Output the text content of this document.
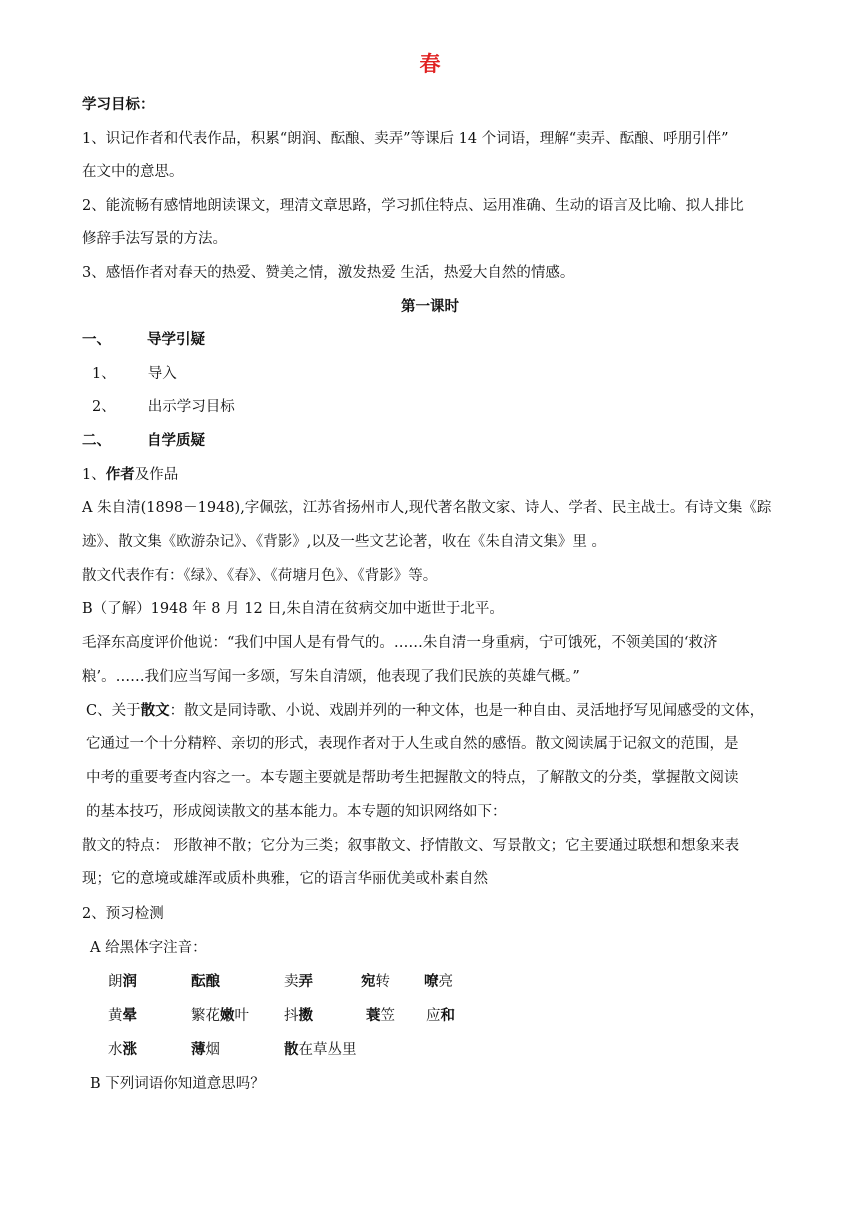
春
学习目标：
1、识记作者和代表作品，积累“朗润、酝酿、卖弄”等课后 14 个词语，理解“卖弄、酝酿、呼朋引伴”
在文中的意思。
2、能流畅有感情地朗读课文，理清文章思路，学习抓住特点、运用准确、生动的语言及比喻、拟人排比
修辞手法写景的方法。
3、感悟作者对春天的热爱、赞美之情，激发热爱 生活，热爱大自然的情感。
第一课时
一、 导学引疑
1、 导入
2、 出示学习目标
二、 自学质疑
1、作者及作品
A 朱自清(1898－1948),字佩弦，江苏省扬州市人,现代著名散文家、诗人、学者、民主战士。有诗文集《踪
迹》、散文集《欧游杂记》、《背影》,以及一些文艺论著，收在《朱自清文集》里 。
散文代表作有：《绿》、《春》、《荷塘月色》、《背影》等。
B（了解）1948 年 8 月 12 日,朱自清在贫病交加中逝世于北平。
毛泽东高度评价他说：“我们中国人是有骨气的。……朱自清一身重病，宁可饿死，不领美国的‘救济
粮’。……我们应当写闻一多颂，写朱自清颂，他表现了我们民族的英雄气概。”
C、关于散文：散文是同诗歌、小说、戏剧并列的一种文体，也是一种自由、灵活地抒写见闻感受的文体，
它通过一个十分精粹、亲切的形式，表现作者对于人生或自然的感悟。散文阅读属于记叙文的范围，是
中考的重要考查内容之一。本专题主要就是帮助考生把握散文的特点，了解散文的分类，掌握散文阅读
的基本技巧，形成阅读散文的基本能力。本专题的知识网络如下：
散文的特点： 形散神不散；它分为三类；叙事散文、抒情散文、写景散文；它主要通过联想和想象来表
现；它的意境或雄浑或质朴典雅，它的语言华丽优美或朴素自然
2、预习检测
A 给黑体字注音：
朗润	酝酿	卖弄	宛转 嘹亮
黄晕	繁花嫩叶 抖擞	蓑笠 应和
水涨	薄烟	散在草丛里
B 下列词语你知道意思吗？
